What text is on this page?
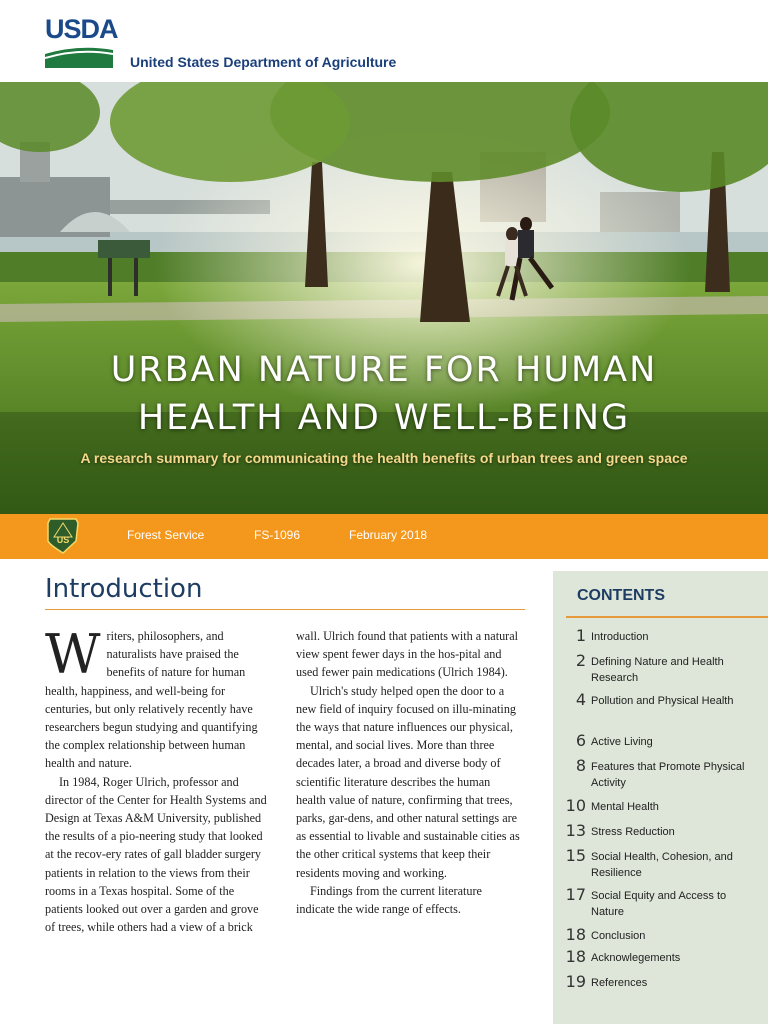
USDA
United States Department of Agriculture
URBAN NATURE FOR HUMAN
HEALTH AND WELL-BEING
A research summary for communicating the health benefits of urban trees and green space
US	Forest Service	FS-1096	February 2018
Introduction

Writers, philosophers, and naturalists have praised the benefits of nature for human health, happiness, and well-being for centuries, but only relatively recently have researchers begun studying and quantifying the complex relationship between human health and nature.

In 1984, Roger Ulrich, professor and director of the Center for Health Systems and Design at Texas A&M University, published the results of a pio-neering study that looked at the recov-ery rates of gall bladder surgery patients in relation to the views from their rooms in a Texas hospital. Some of the patients looked out over a garden and grove of trees, while others had a view of a brick

wall. Ulrich found that patients with a natural view spent fewer days in the hos-pital and used fewer pain medications (Ulrich 1984).

Ulrich's study helped open the door to a new field of inquiry focused on illu-minating the ways that nature influences our physical, mental, and social lives. More than three decades later, a broad and diverse body of scientific literature describes the human health value of nature, confirming that trees, parks, gar-dens, and other natural settings are as essential to livable and sustainable cities as the other critical systems that keep their residents moving and working.

Findings from the current literature indicate the wide range of effects.

CONTENTS
1 Introduction
2 Defining Nature and Health Research
4 Pollution and Physical Health
6 Active Living
8 Features that Promote Physical Activity
10 Mental Health
13 Stress Reduction
15 Social Health, Cohesion, and Resilience
17 Social Equity and Access to Nature
18 Conclusion
18 Acknowlegements
19 References
